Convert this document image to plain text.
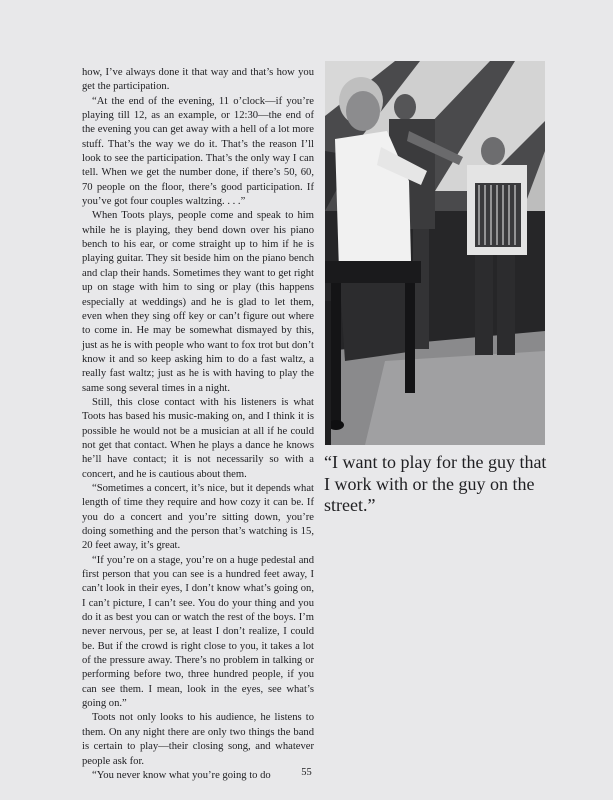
how, I’ve always done it that way and that’s how you get the participation.

“At the end of the evening, 11 o’clock—if you’re playing till 12, as an example, or 12:30—the end of the evening you can get away with a hell of a lot more stuff. That’s the way we do it. That’s the reason I’ll look to see the participation. That’s the only way I can tell. When we get the number done, if there’s 50, 60, 70 people on the floor, there’s good participation. If you’ve got four couples waltzing. . . .”

When Toots plays, people come and speak to him while he is playing, they bend down over his piano bench to his ear, or come straight up to him if he is playing guitar. They sit beside him on the piano bench and clap their hands. Sometimes they want to get right up on stage with him to sing or play (this happens especially at weddings) and he is glad to let them, even when they sing off key or can’t figure out where to come in. He may be somewhat dismayed by this, just as he is with people who want to fox trot but don’t know it and so keep asking him to do a fast waltz, a really fast waltz; just as he is with having to play the same song several times in a night.

Still, this close contact with his listeners is what Toots has based his music-making on, and I think it is possible he would not be a musician at all if he could not get that contact. When he plays a dance he knows he’ll have contact; it is not necessarily so with a concert, and he is cautious about them.

“Sometimes a concert, it’s nice, but it depends what length of time they require and how cozy it can be. If you do a concert and you’re sitting down, you’re doing something and the person that’s watching is 15, 20 feet away, it’s great.

“If you’re on a stage, you’re on a huge pedestal and first person that you can see is a hundred feet away, I can’t look in their eyes, I don’t know what’s going on, I can’t picture, I can’t see. You do your thing and you do it as best you can or watch the rest of the boys. I’m never nervous, per se, at least I don’t realize, I could be. But if the crowd is right close to you, it takes a lot of the pressure away. There’s no problem in talking or performing before two, three hundred people, if you can see them. I mean, look in the eyes, see what’s going on.”

Toots not only looks to his audience, he listens to them. On any night there are only two things the band is certain to play—their closing song, and whatever people ask for.

“You never know what you’re going to do

“I want to play for the guy that I work with or the guy on the street.”
55
